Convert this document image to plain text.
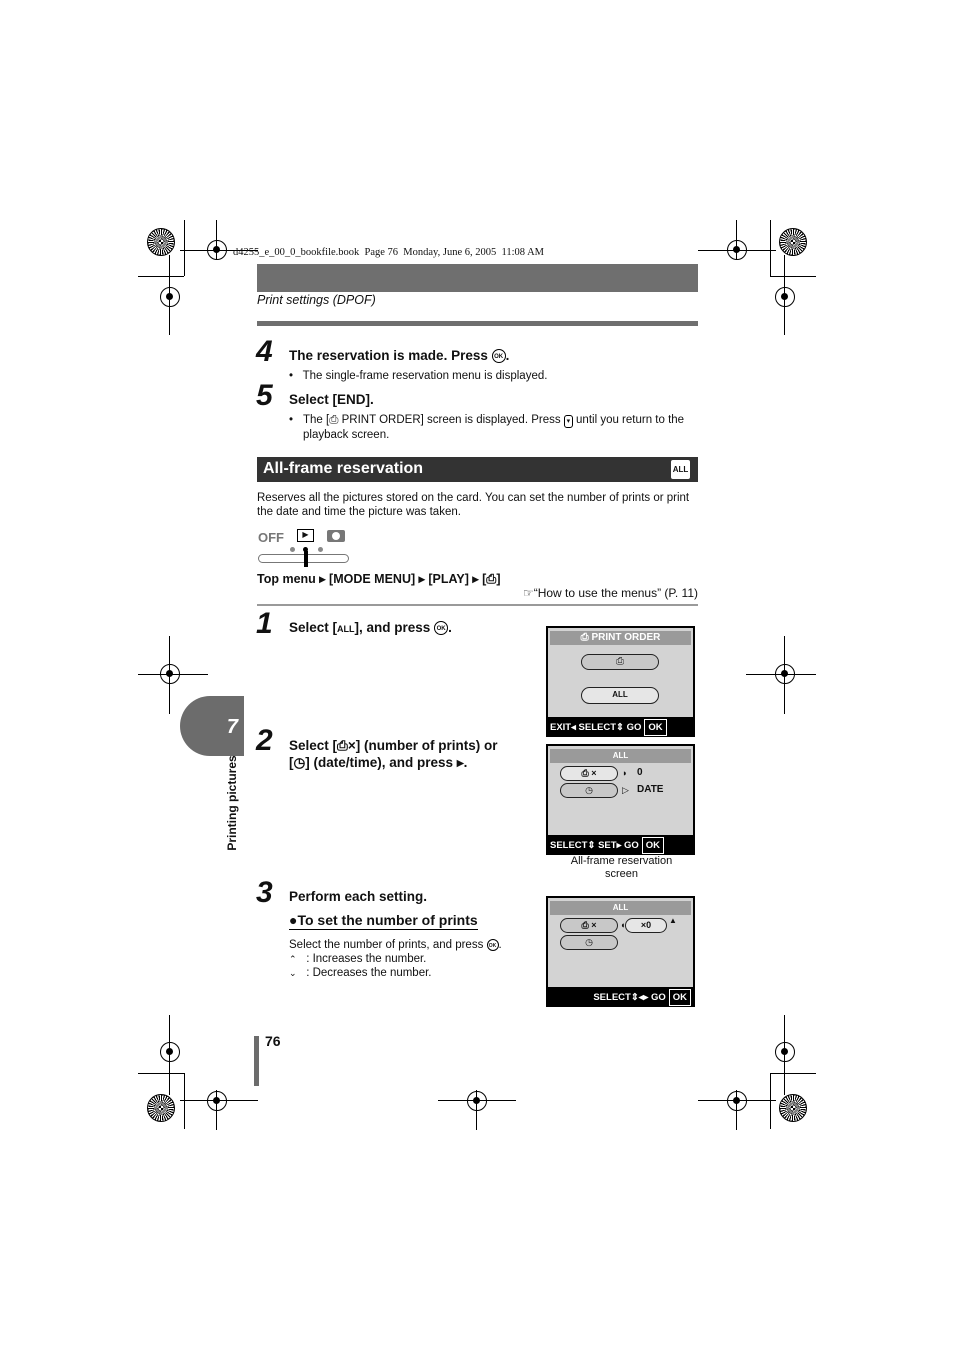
d4255_e_00_0_bookfile.book  Page 76  Monday, June 6, 2005  11:08 AM
Print settings (DPOF)
4 The reservation is made. Press OK .
•   The single-frame reservation menu is displayed.
5 Select [END].
• The [⎙ PRINT ORDER] screen is displayed. Press ▾ until you return to the playback screen.
All-frame reservation	ALL
Reserves all the pictures stored on the card. You can set the number of prints or print the date and time the picture was taken.
OFF	▶
Top menu ▸ [MODE MENU] ▸ [PLAY] ▸ [⎙]
☞“How to use the menus” (P. 11)
1 Select [ALL], and press OK .
⎙ PRINT ORDER
⎙
ALL
EXIT◂ SELECT⇕ GO OK
2 Select [⎙×] (number of prints) or
[◷] (date/time), and press ▸.	ALL
⎙ ×	◗ 0
◷	▷ DATE
SELECT⇕ SET▸ GO OK
All-frame reservation
screen
3 Perform each setting.
●To set the number of prints
Select the number of prints, and press OK .
⌃ : Increases the number.
⌄ : Decreases the number.
ALL
⎙ ×	◖	×0	▲
◷
SELECT⇕◂▸ GO OK
7
Printing pictures
76
